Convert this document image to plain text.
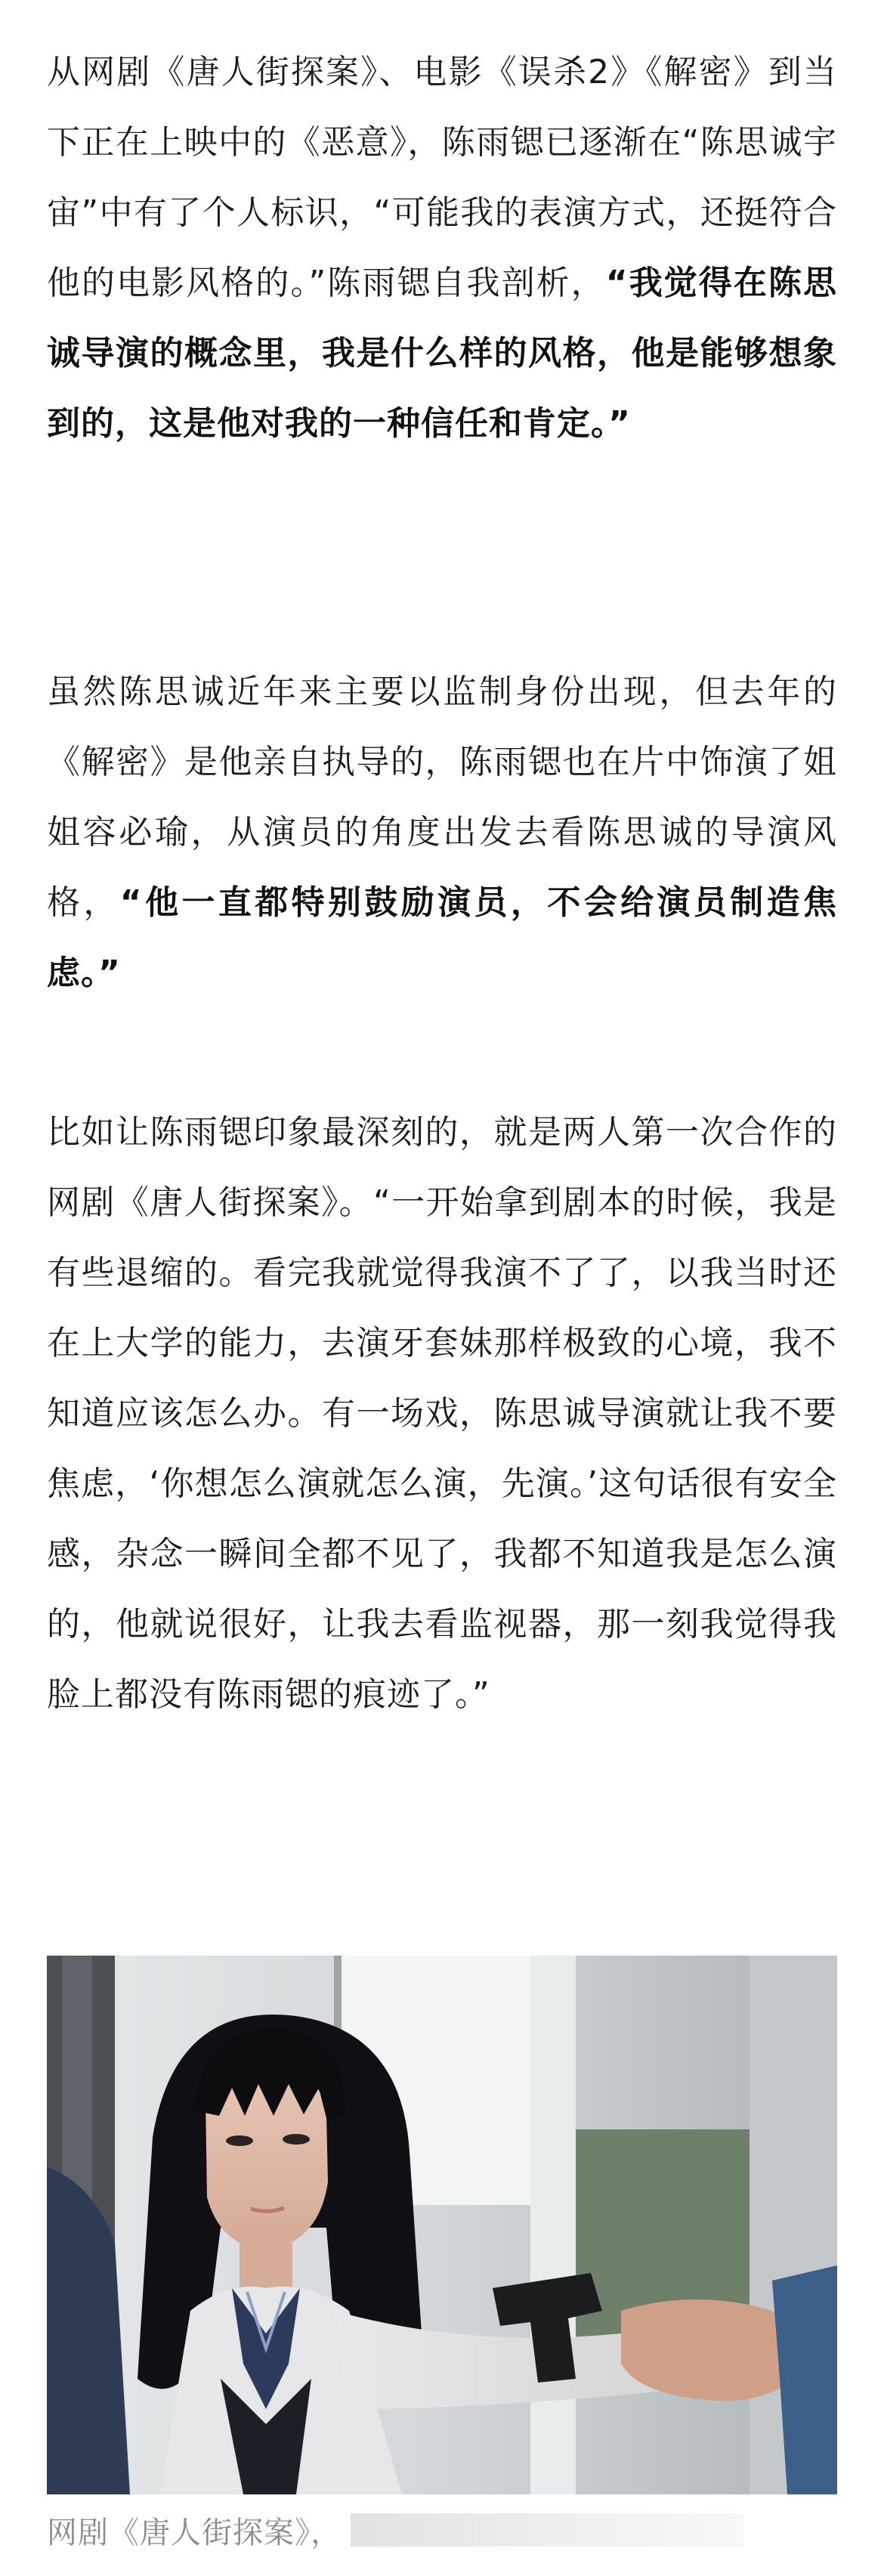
从网剧《唐人街探案》、电影《误杀2》《解密》到当下正在上映中的《恶意》，陈雨锶已逐渐在“陈思诚宇宙”中有了个人标识，“可能我的表演方式，还挺符合他的电影风格的。”陈雨锶自我剖析，“我觉得在陈思诚导演的概念里，我是什么样的风格，他是能够想象到的，这是他对我的一种信任和肯定。”

虽然陈思诚近年来主要以监制身份出现，但去年的《解密》是他亲自执导的，陈雨锶也在片中饰演了姐姐容必瑜，从演员的角度出发去看陈思诚的导演风格，“他一直都特别鼓励演员，不会给演员制造焦虑。”

比如让陈雨锶印象最深刻的，就是两人第一次合作的网剧《唐人街探案》。“一开始拿到剧本的时候，我是有些退缩的。看完我就觉得我演不了了，以我当时还在上大学的能力，去演牙套妹那样极致的心境，我不知道应该怎么办。有一场戏，陈思诚导演就让我不要焦虑，‘你想怎么演就怎么演，先演。’这句话很有安全感，杂念一瞬间全都不见了，我都不知道我是怎么演的，他就说很好，让我去看监视器，那一刻我觉得我脸上都没有陈雨锶的痕迹了。”

网剧《唐人街探案》，
